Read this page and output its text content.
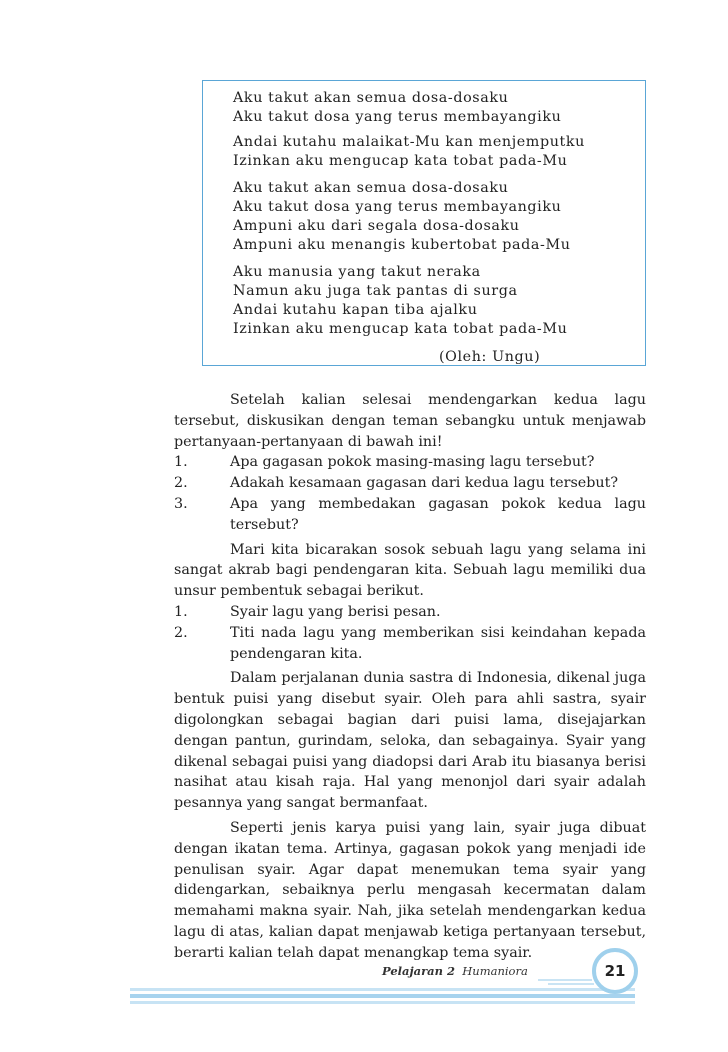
Aku takut akan semua dosa-dosaku
Aku takut dosa yang terus membayangiku
Andai kutahu malaikat-Mu kan menjemputku
Izinkan aku mengucap kata tobat pada-Mu
Aku takut akan semua dosa-dosaku
Aku takut dosa yang terus membayangiku
Ampuni aku dari segala dosa-dosaku
Ampuni aku menangis kubertobat pada-Mu
Aku manusia yang takut neraka
Namun aku juga tak pantas di surga
Andai kutahu kapan tiba ajalku
Izinkan aku mengucap kata tobat pada-Mu
(Oleh: Ungu)

Setelah kalian selesai mendengarkan kedua lagu tersebut, diskusikan dengan teman sebangku untuk menjawab pertanyaan-pertanyaan di bawah ini!

1.	Apa gagasan pokok masing-masing lagu tersebut?
2.	Adakah kesamaan gagasan dari kedua lagu tersebut?
3.	Apa yang membedakan gagasan pokok kedua lagu tersebut?

Mari kita bicarakan sosok sebuah lagu yang selama ini sangat akrab bagi pendengaran kita. Sebuah lagu memiliki dua unsur pembentuk sebagai berikut.

1.	Syair lagu yang berisi pesan.
2.	Titi nada lagu yang memberikan sisi keindahan kepada

pendengaran kita.

Dalam perjalanan dunia sastra di Indonesia, dikenal juga bentuk puisi yang disebut syair. Oleh para ahli sastra, syair digolongkan sebagai bagian dari puisi lama, disejajarkan dengan pantun, gurindam, seloka, dan sebagainya. Syair yang dikenal sebagai puisi yang diadopsi dari Arab itu biasanya berisi nasihat atau kisah raja. Hal yang menonjol dari syair adalah pesannya yang sangat bermanfaat.

Seperti jenis karya puisi yang lain, syair juga dibuat dengan ikatan tema. Artinya, gagasan pokok yang menjadi ide penulisan syair. Agar dapat menemukan tema syair yang didengarkan, sebaiknya perlu mengasah kecermatan dalam memahami makna syair. Nah, jika setelah mendengarkan kedua lagu di atas, kalian dapat menjawab ketiga pertanyaan tersebut, berarti kalian telah dapat menangkap tema syair.

Pelajaran 2 Humaniora	21
